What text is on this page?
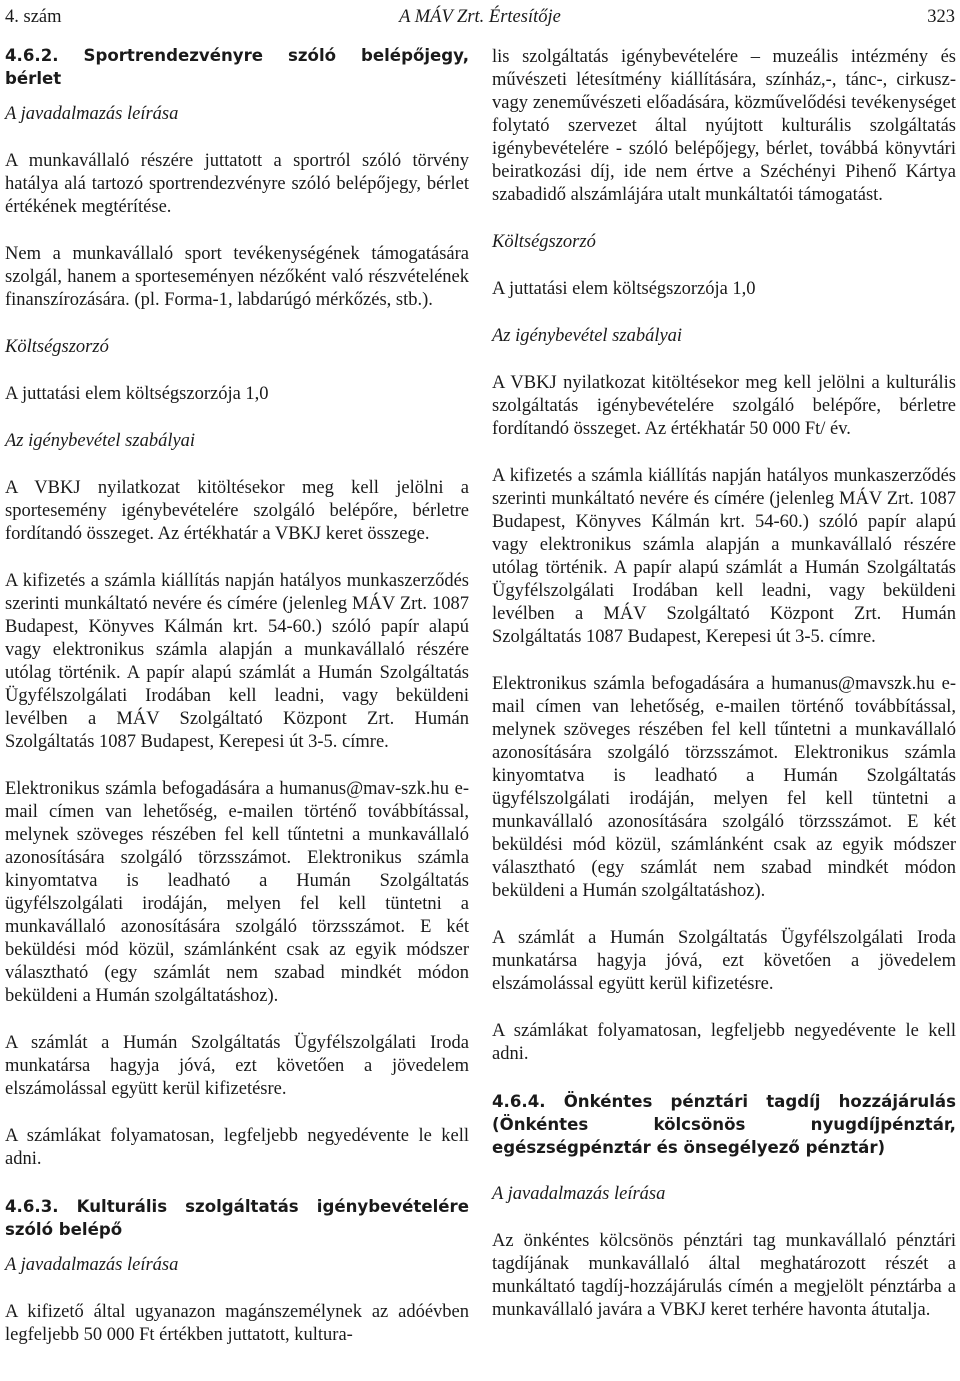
4. szám	A MÁV Zrt. Értesítője	323

4.6.2. Sportrendezvényre szóló belépőjegy, bérlet

A javadalmazás leírása

A munkavállaló részére juttatott a sportról szóló törvény hatálya alá tartozó sportrendezvényre szóló belépőjegy, bérlet értékének megtérítése.

Nem a munkavállaló sport tevékenységének támogatására szolgál, hanem a sporteseményen nézőként való részvételének finanszírozására. (pl. Forma-1, labdarúgó mérkőzés, stb.).

Költségszorzó

A juttatási elem költségszorzója 1,0

Az igénybevétel szabályai

A VBKJ nyilatkozat kitöltésekor meg kell jelölni a sportesemény igénybevételére szolgáló belépőre, bérletre fordítandó összeget. Az értékhatár a VBKJ keret összege.

A kifizetés a számla kiállítás napján hatályos munkaszerződés szerinti munkáltató nevére és címére (jelenleg MÁV Zrt. 1087 Budapest, Könyves Kálmán krt. 54-60.) szóló papír alapú vagy elektronikus számla alapján a munkavállaló részére utólag történik. A papír alapú számlát a Humán Szolgáltatás Ügyfélszolgálati Irodában kell leadni, vagy beküldeni levélben a MÁV Szolgáltató Központ Zrt. Humán Szolgáltatás 1087 Budapest, Kerepesi út 3-5. címre.

Elektronikus számla befogadására a humanus@mav-szk.hu e-mail címen van lehetőség, e-mailen történő továbbítással, melynek szöveges részében fel kell tűntetni a munkavállaló azonosítására szolgáló törzsszámot. Elektronikus számla kinyomtatva is leadható a Humán Szolgáltatás ügyfélszolgálati irodáján, melyen fel kell tüntetni a munkavállaló azonosítására szolgáló törzsszámot. E két beküldési mód közül, számlánként csak az egyik módszer választható (egy számlát nem szabad mindkét módon beküldeni a Humán szolgáltatáshoz).

A számlát a Humán Szolgáltatás Ügyfélszolgálati Iroda munkatársa hagyja jóvá, ezt követően a jövedelem elszámolással együtt kerül kifizetésre.

A számlákat folyamatosan, legfeljebb negyedévente le kell adni.

4.6.3. Kulturális szolgáltatás igénybevételére szóló belépő

A javadalmazás leírása

A kifizető által ugyanazon magánszemélynek az adóévben legfeljebb 50 000 Ft értékben juttatott, kultura-

lis szolgáltatás igénybevételére – muzeális intézmény és művészeti létesítmény kiállítására, színház,-, tánc-, cirkusz-vagy zeneművészeti előadására, közművelődési tevékenységet folytató szervezet által nyújtott kulturális szolgáltatás igénybevételére - szóló belépőjegy, bérlet, továbbá könyvtári beiratkozási díj, ide nem értve a Széchényi Pihenő Kártya szabadidő alszámlájára utalt munkáltatói támogatást.

Költségszorzó

A juttatási elem költségszorzója 1,0

Az igénybevétel szabályai

A VBKJ nyilatkozat kitöltésekor meg kell jelölni a kulturális szolgáltatás igénybevételére szolgáló belépőre, bérletre fordítandó összeget. Az értékhatár 50 000 Ft/ év.

A kifizetés a számla kiállítás napján hatályos munkaszerződés szerinti munkáltató nevére és címére (jelenleg MÁV Zrt. 1087 Budapest, Könyves Kálmán krt. 54-60.) szóló papír alapú vagy elektronikus számla alapján a munkavállaló részére utólag történik. A papír alapú számlát a Humán Szolgáltatás Ügyfélszolgálati Irodában kell leadni, vagy beküldeni levélben a MÁV Szolgáltató Központ Zrt. Humán Szolgáltatás 1087 Budapest, Kerepesi út 3-5. címre.

Elektronikus számla befogadására a humanus@mavszk.hu e-mail címen van lehetőség, e-mailen történő továbbítással, melynek szöveges részében fel kell tűntetni a munkavállaló azonosítására szolgáló törzsszámot. Elektronikus számla kinyomtatva is leadható a Humán Szolgáltatás ügyfélszolgálati irodáján, melyen fel kell tüntetni a munkavállaló azonosítására szolgáló törzsszámot. E két beküldési mód közül, számlánként csak az egyik módszer választható (egy számlát nem szabad mindkét módon beküldeni a Humán szolgáltatáshoz).

A számlát a Humán Szolgáltatás Ügyfélszolgálati Iroda munkatársa hagyja jóvá, ezt követően a jövedelem elszámolással együtt kerül kifizetésre.

A számlákat folyamatosan, legfeljebb negyedévente le kell adni.

4.6.4. Önkéntes pénztári tagdíj hozzájárulás (Önkéntes kölcsönös nyugdíjpénztár, egészségpénztár és önsegélyező pénztár)

A javadalmazás leírása

Az önkéntes kölcsönös pénztári tag munkavállaló pénztári tagdíjának munkavállaló által meghatározott részét a munkáltató tagdíj-hozzájárulás címén a megjelölt pénztárba a munkavállaló javára a VBKJ keret terhére havonta átutalja.
